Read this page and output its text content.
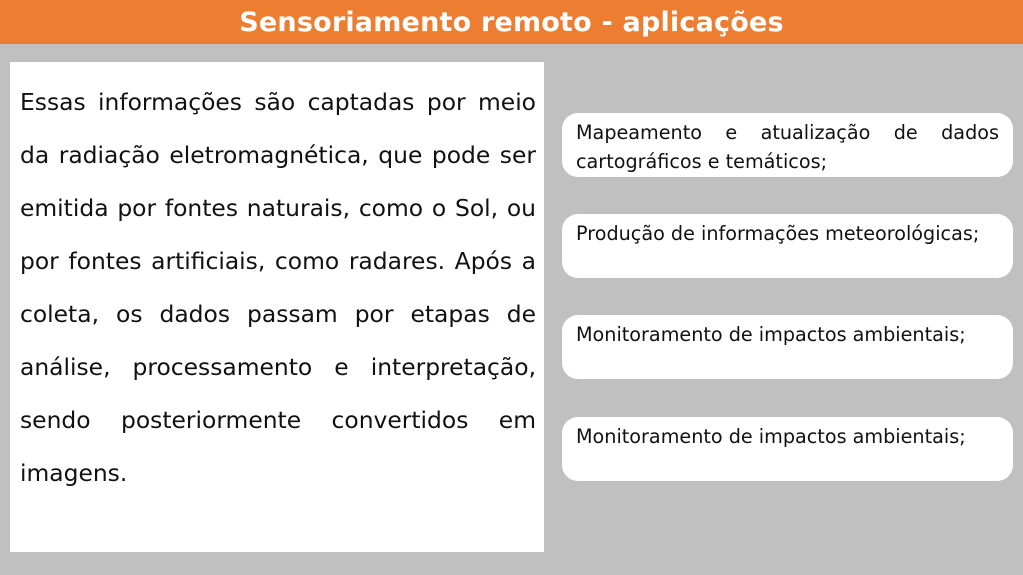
Sensoriamento remoto - aplicações

Essas informações são captadas por meio da radiação eletromagnética, que pode ser emitida por fontes naturais, como o Sol, ou por fontes artificiais, como radares. Após a coleta, os dados passam por etapas de análise, processamento e interpretação, sendo posteriormente convertidos em imagens.

Mapeamento e atualização de dados cartográficos e temáticos;
Produção de informações meteorológicas;
Monitoramento de impactos ambientais;
Monitoramento de impactos ambientais;
